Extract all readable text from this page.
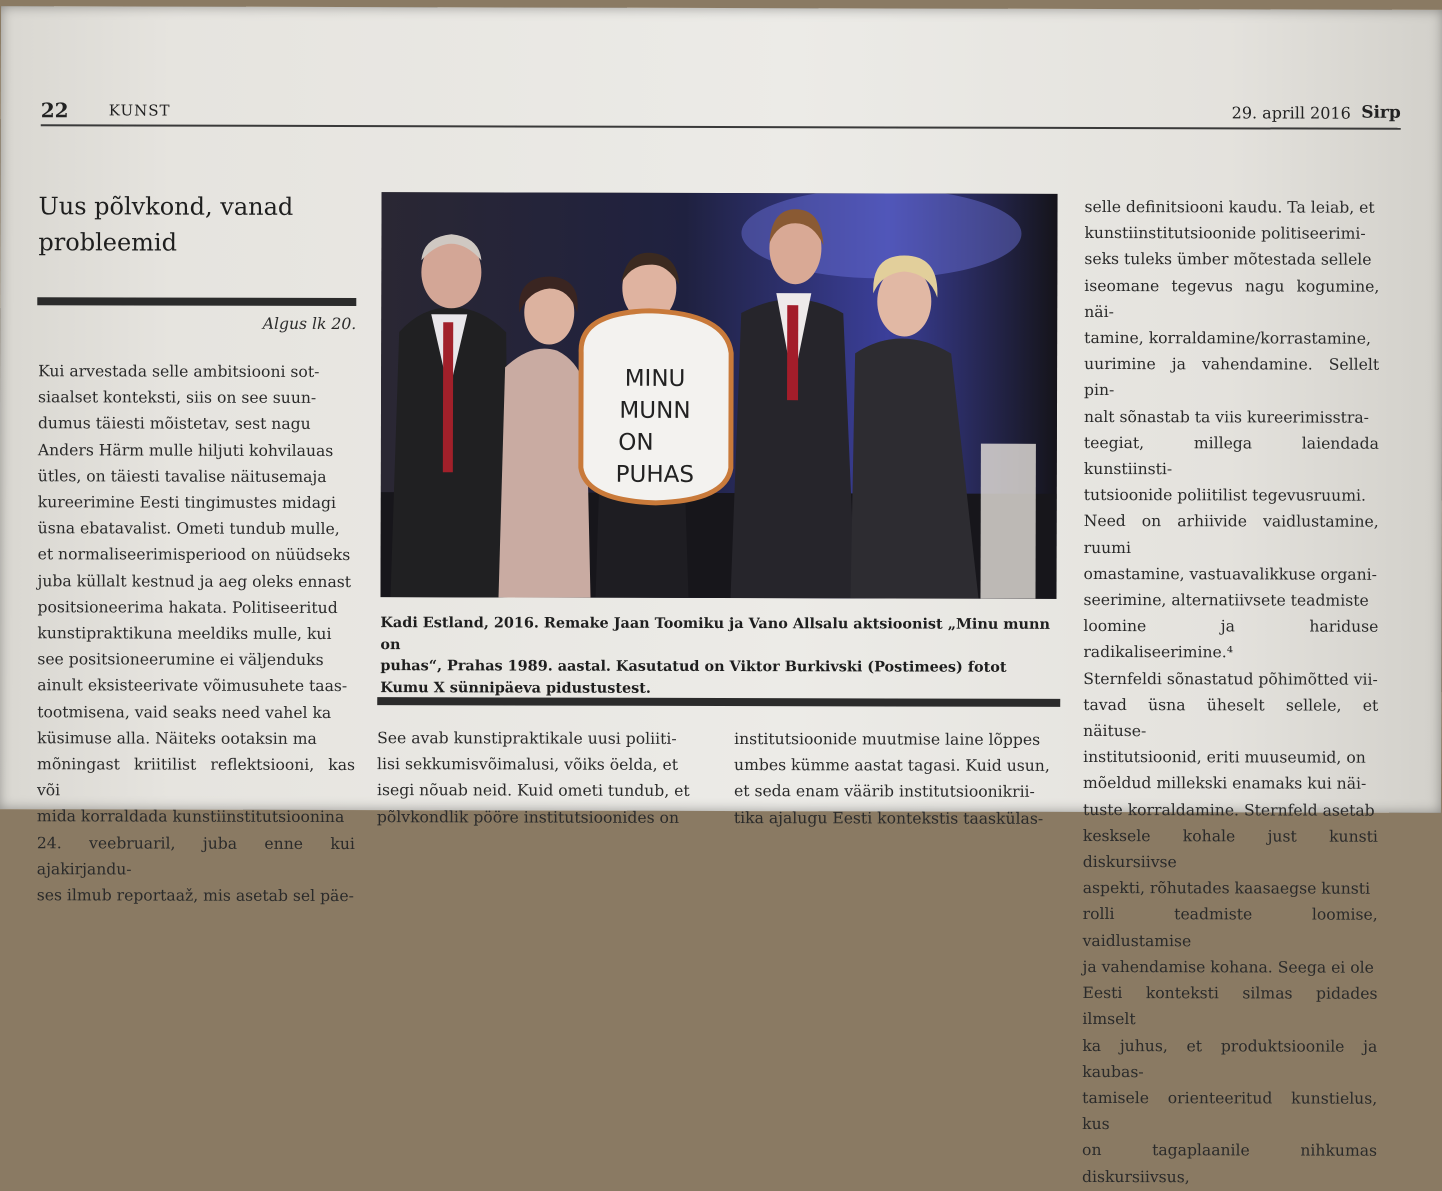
22	KUNST	29. aprill 2016 Sirp
Uus põlvkond, vanad
probleemid
Algus lk 20.

Kui arvestada selle ambitsiooni sot-

siaalset konteksti, siis on see suun-

dumus täiesti mõistetav, sest nagu

Anders Härm mulle hiljuti kohvilauas

ütles, on täiesti tavalise näitusemaja

kureerimine Eesti tingimustes midagi

üsna ebatavalist. Ometi tundub mulle,

et normaliseerimisperiood on nüüdseks

juba küllalt kestnud ja aeg oleks ennast

positsioneerima hakata. Politiseeritud

kunstipraktikuna meeldiks mulle, kui

see positsioneerumine ei väljenduks

ainult eksisteerivate võimusuhete taas-

tootmisena, vaid seaks need vahel ka

küsimuse alla. Näiteks ootaksin ma

mõningast kriitilist reflektsiooni, kas või

mida korraldada kunstiinstitutsioonina

24. veebruaril, juba enne kui ajakirjandu-

ses ilmub reportaaž, mis asetab sel päe-

MINU
MUNN
ON
PUHAS
Kadi Estland, 2016. Remake Jaan Toomiku ja Vano Allsalu aktsioonist „Minu munn on
puhas“, Prahas 1989. aastal. Kasutatud on Viktor Burkivski (Postimees) fotot
Kumu X sünnipäeva pidustustest.

selle definitsiooni kaudu. Ta leiab, et

kunstiinstitutsioonide politiseerimi-

seks tuleks ümber mõtestada sellele

iseomane tegevus nagu kogumine, näi-

tamine, korraldamine/korrastamine,

uurimine ja vahendamine. Sellelt pin-

nalt sõnastab ta viis kureerimisstra-

teegiat, millega laiendada kunstiinsti-

tutsioonide poliitilist tegevusruumi.

Need on arhiivide vaidlustamine, ruumi

omastamine, vastuavalikkuse organi-

seerimine, alternatiivsete teadmiste

loomine ja hariduse radikaliseerimine.⁴

Sternfeldi sõnastatud põhimõtted vii-

tavad üsna üheselt sellele, et näituse-

institutsioonid, eriti muuseumid, on

mõeldud millekski enamaks kui näi-

tuste korraldamine. Sternfeld asetab

kesksele kohale just kunsti diskursiivse

aspekti, rõhutades kaasaegse kunsti

rolli teadmiste loomise, vaidlustamise

ja vahendamise kohana. Seega ei ole

Eesti konteksti silmas pidades ilmselt

ka juhus, et produktsioonile ja kaubas-

tamisele orienteeritud kunstielus, kus

on tagaplaanile nihkumas diskursiivsus,

See avab kunstipraktikale uusi poliiti-

lisi sekkumisvõimalusi, võiks öelda, et

isegi nõuab neid. Kuid ometi tundub, et

põlvkondlik pööre institutsioonides on

institutsioonide muutmise laine lõppes

umbes kümme aastat tagasi. Kuid usun,

et seda enam väärib institutsioonikrii-

tika ajalugu Eesti kontekstis taaskülas-
